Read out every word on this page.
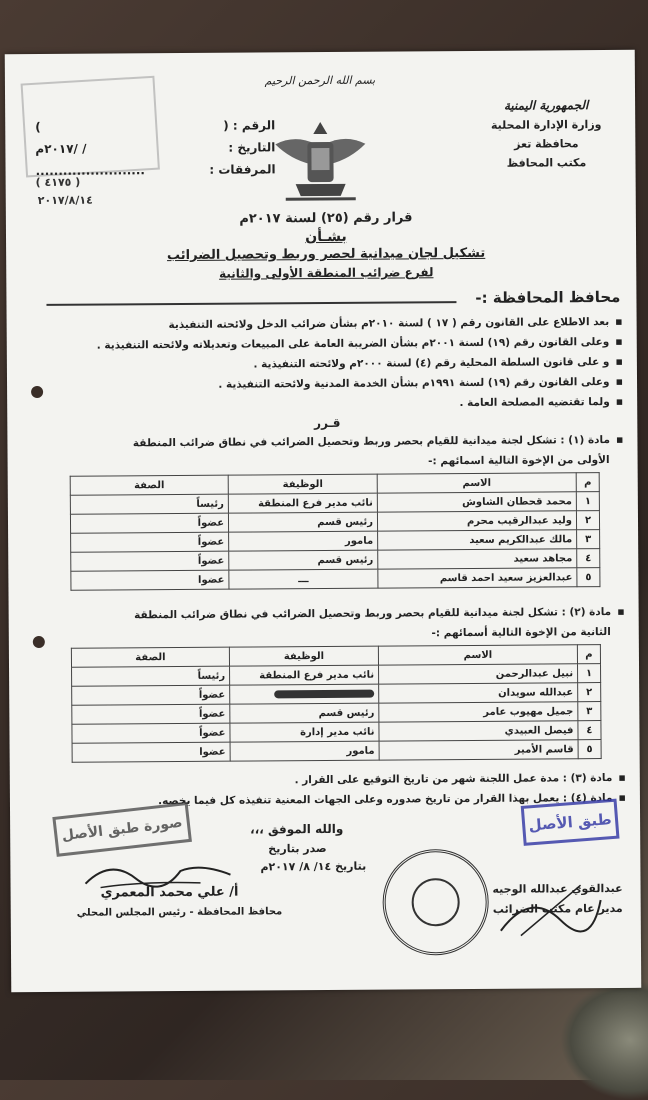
بسم الله الرحمن الرحيم
الجمهورية اليمنية
وزارة الإدارة المحلية
محافظة تعز
مكتب المحافظ
( ٤١٧٥ )
٢٠١٧/٨/١٤
الرقم : (
)
التاريخ :
/ /٢٠١٧م
المرفقات :
........................
قرار رقم (٢٥) لسنة ٢٠١٧م
بشـأن
تشكيل لجان ميدانية لحصر وربط وتحصيل الضرائب
لفرع ضرائب المنطقة الأولى والثانية
محافظ المحافظة :-
▪بعد الاطلاع على القانون رقم ( ١٧ ) لسنة ٢٠١٠م بشأن ضرائب الدخل ولائحته التنفيذية
▪وعلى القانون رقم (١٩) لسنة ٢٠٠١م بشأن الضريبة العامة على المبيعات وتعديلاته ولائحته التنفيذية .
▪و على قانون السلطة المحلية رقم (٤) لسنة ٢٠٠٠م ولائحته التنفيذية .
▪وعلى القانون رقم (١٩) لسنة ١٩٩١م بشأن الخدمة المدنية ولائحته التنفيذية .
▪ولما تقتضيه المصلحة العامة .
قـرر
▪مادة (١) : تشكل لجنة ميدانية للقيام بحصر وربط وتحصيل الضرائب في نطاق ضرائب المنطقة
الأولى من الإخوة التالية اسمائهم :-
م	الاسم	الوظيفة	الصفة
١	محمد قحطان الشاوش	نائب مدير فرع المنطقة	رئيساً
٢	وليد عبدالرقيب محرم	رئيس قسم	عضواً
٣	مالك عبدالكريم سعيد	مامور	عضواً
٤	مجاهد سعيد	رئيس قسم	عضواً
٥	عبدالعزيز سعيد احمد قاسم	ـــ	عضوا
▪مادة (٢) : تشكل لجنة ميدانية للقيام بحصر وربط وتحصيل الضرائب في نطاق ضرائب المنطقة
الثانية من الإخوة التالية أسمائهم :-
م	الاسم	الوظيفة	الصفة
١	نبيل عبدالرحمن	نائب مدير فرع المنطقة	رئيساً
٢	عبدالله سويدان		عضواً
٣	جميل مهيوب عامر	رئيس قسم	عضواً
٤	فيصل العبيدي	نائب مدير إدارة	عضواً
٥	قاسم الأمير	مامور	عضوا
▪مادة (٣) : مدة عمل اللجنة شهر من تاريخ التوقيع على القرار .
▪مادة (٤) : يعمل بهذا القرار من تاريخ صدوره وعلى الجهات المعنية تنفيذه كل فيما يخصه.
والله الموفق ،،،
صدر بتاريخ
بتاريخ ١٤/ ٨/ ٢٠١٧م
صورة طبق الأصل	طبق الأصل
أ/ علي محمد المعمري
محافظ المحافظة - رئيس المجلس المحلي
عبدالقوي عبدالله الوجيه
مدير عام مكتب الضرائب
